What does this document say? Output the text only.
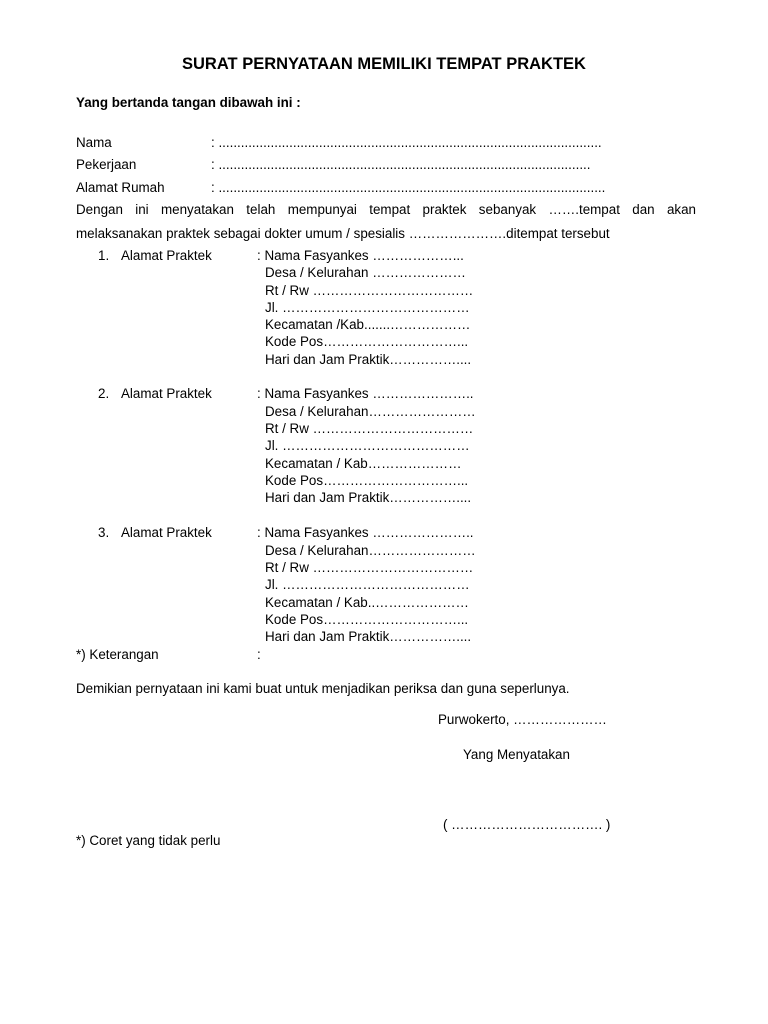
SURAT PERNYATAAN MEMILIKI TEMPAT PRAKTEK
Yang bertanda tangan dibawah ini :
Nama	: .......................................................................................................
Pekerjaan	: ....................................................................................................
Alamat Rumah	: ........................................................................................................
Dengan ini menyatakan telah mempunyai tempat praktek sebanyak …….tempat dan akan
melaksanakan praktek sebagai dokter umum / spesialis ………………….ditempat tersebut
1. Alamat Praktek	: Nama Fasyankes ………………...
Desa / Kelurahan …………………
Rt / Rw ………………………………
Jl. ……………………………………
Kecamatan /Kab.......………………
Kode Pos…………………………...
Hari dan Jam Praktik……………....
2. Alamat Praktek	: Nama Fasyankes …………………..
Desa / Kelurahan……………………
Rt / Rw ………………………………
Jl. ……………………………………
Kecamatan / Kab…………………
Kode Pos…………………………...
Hari dan Jam Praktik……………....
3. Alamat Praktek	: Nama Fasyankes …………………..
Desa / Kelurahan……………………
Rt / Rw ………………………………
Jl. ……………………………………
Kecamatan / Kab..…………………
Kode Pos…………………………...
Hari dan Jam Praktik……………....
*) Keterangan	:
Demikian pernyataan ini kami buat untuk menjadikan periksa dan guna seperlunya.
Purwokerto, …………………
Yang Menyatakan
( ……………………………. )
*) Coret yang tidak perlu
